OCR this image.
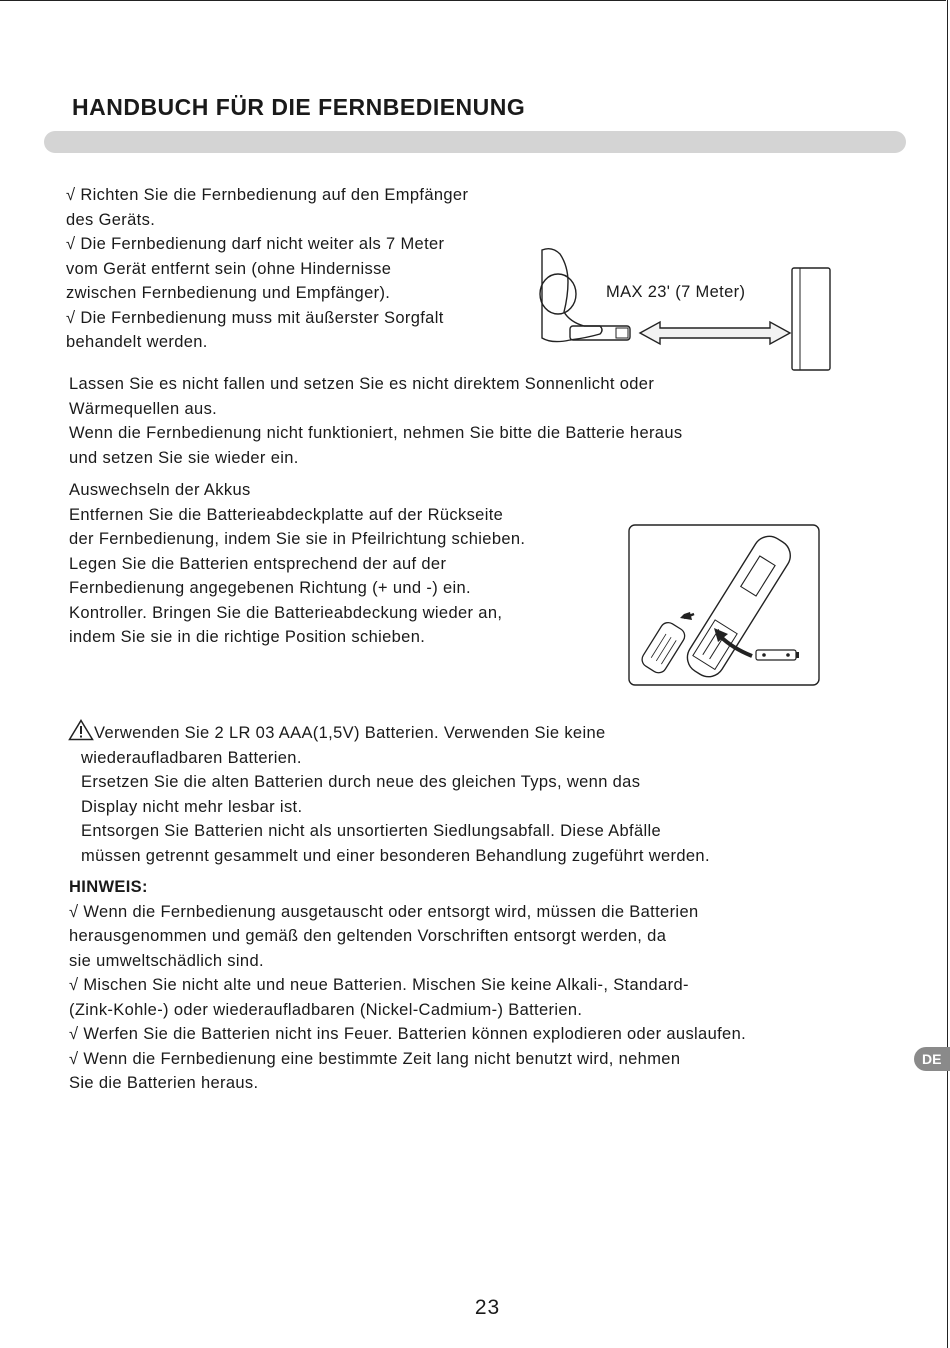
HANDBUCH FÜR DIE FERNBEDIENUNG

√ Richten Sie die Fernbedienung auf den Empfänger

des Geräts.

√ Die Fernbedienung darf nicht weiter als 7 Meter

vom Gerät entfernt sein (ohne Hindernisse

zwischen Fernbedienung und Empfänger).

√ Die Fernbedienung muss mit äußerster Sorgfalt

behandelt werden.

MAX 23' (7 Meter)

Lassen Sie es nicht fallen und setzen Sie es nicht direktem Sonnenlicht oder

Wärmequellen aus.

Wenn die Fernbedienung nicht funktioniert, nehmen Sie bitte die Batterie heraus

und setzen Sie sie wieder ein.

Auswechseln der Akkus

Entfernen Sie die Batterieabdeckplatte auf der Rückseite

der Fernbedienung, indem Sie sie in Pfeilrichtung schieben.

Legen Sie die Batterien entsprechend der auf der

Fernbedienung angegebenen Richtung (+ und -) ein.

Kontroller. Bringen Sie die Batterieabdeckung wieder an,

indem Sie sie in die richtige Position schieben.

Verwenden Sie 2 LR 03 AAA(1,5V) Batterien. Verwenden Sie keine

wiederaufladbaren Batterien.

Ersetzen Sie die alten Batterien durch neue des gleichen Typs, wenn das

Display nicht mehr lesbar ist.

Entsorgen Sie Batterien nicht als unsortierten Siedlungsabfall. Diese Abfälle

müssen getrennt gesammelt und einer besonderen Behandlung zugeführt werden.

HINWEIS:

√ Wenn die Fernbedienung ausgetauscht oder entsorgt wird, müssen die Batterien

herausgenommen und gemäß den geltenden Vorschriften entsorgt werden, da

sie umweltschädlich sind.

√ Mischen Sie nicht alte und neue Batterien. Mischen Sie keine Alkali-, Standard-

(Zink-Kohle-) oder wiederaufladbaren (Nickel-Cadmium-) Batterien.

√ Werfen Sie die Batterien nicht ins Feuer. Batterien können explodieren oder auslaufen.

√ Wenn die Fernbedienung eine bestimmte Zeit lang nicht benutzt wird, nehmen

Sie die Batterien heraus.

DE
23
